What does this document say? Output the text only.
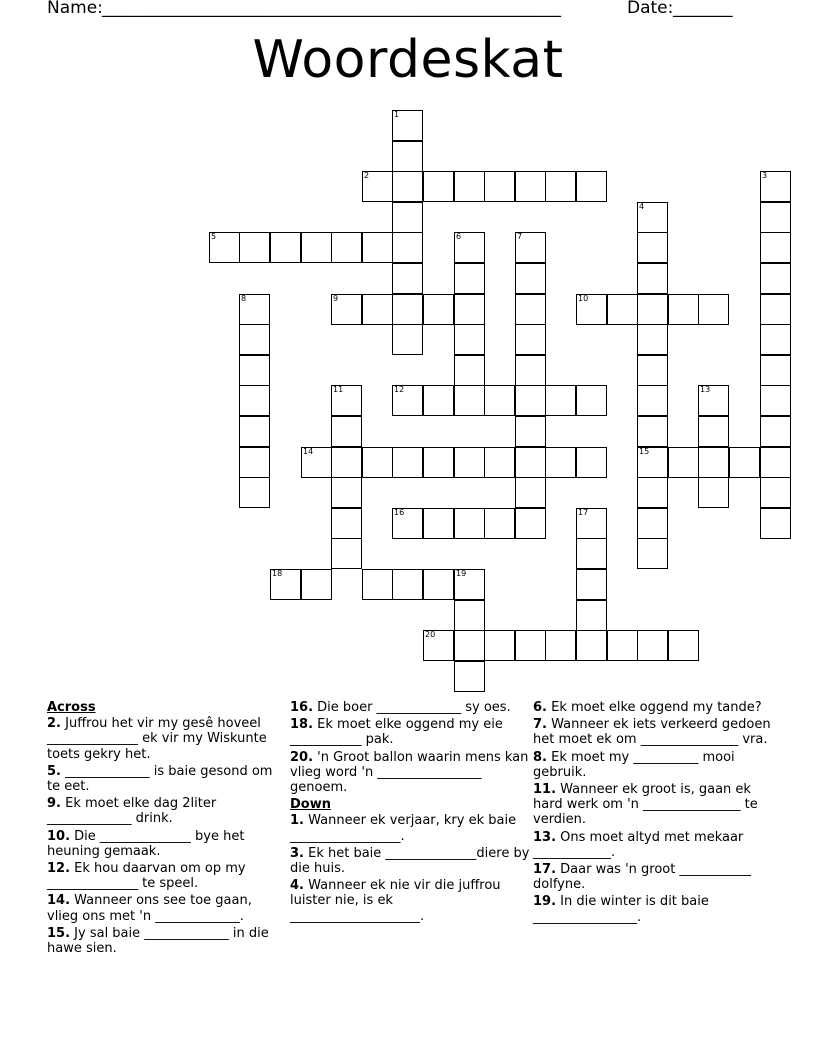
Name: ______________________________________________________	Date: _______
Woordeskat
1
2
5	6	7
9
8	10
4
3
12
11	13
14	15
16	17
18	19
20
Across
2. Juffrou het vir my gesê hoveel ______________ ek vir my Wiskunte toets gekry het.
5. _____________ is baie gesond om te eet.
9. Ek moet elke dag 2liter _____________ drink.
10. Die ______________ bye het heuning gemaak.
12. Ek hou daarvan om op my ______________ te speel.
14. Wanneer ons see toe gaan, vlieg ons met 'n _____________.
15. Jy sal baie _____________ in die hawe sien.
16. Die boer _____________ sy oes.
18. Ek moet elke oggend my eie ___________ pak.
20. 'n Groot ballon waarin mens kan vlieg word 'n ________________ genoem.
Down
1. Wanneer ek verjaar, kry ek baie _________________.
3. Ek het baie ______________diere by die huis.
4. Wanneer ek nie vir die juffrou luister nie, is ek ____________________.
6. Ek moet elke oggend my tande?
7. Wanneer ek iets verkeerd gedoen het moet ek om _______________ vra.
8. Ek moet my __________ mooi gebruik.
11. Wanneer ek groot is, gaan ek hard werk om 'n _______________ te verdien.
13. Ons moet altyd met mekaar ____________.
17. Daar was 'n groot ___________ dolfyne.
19. In die winter is dit baie ________________.
